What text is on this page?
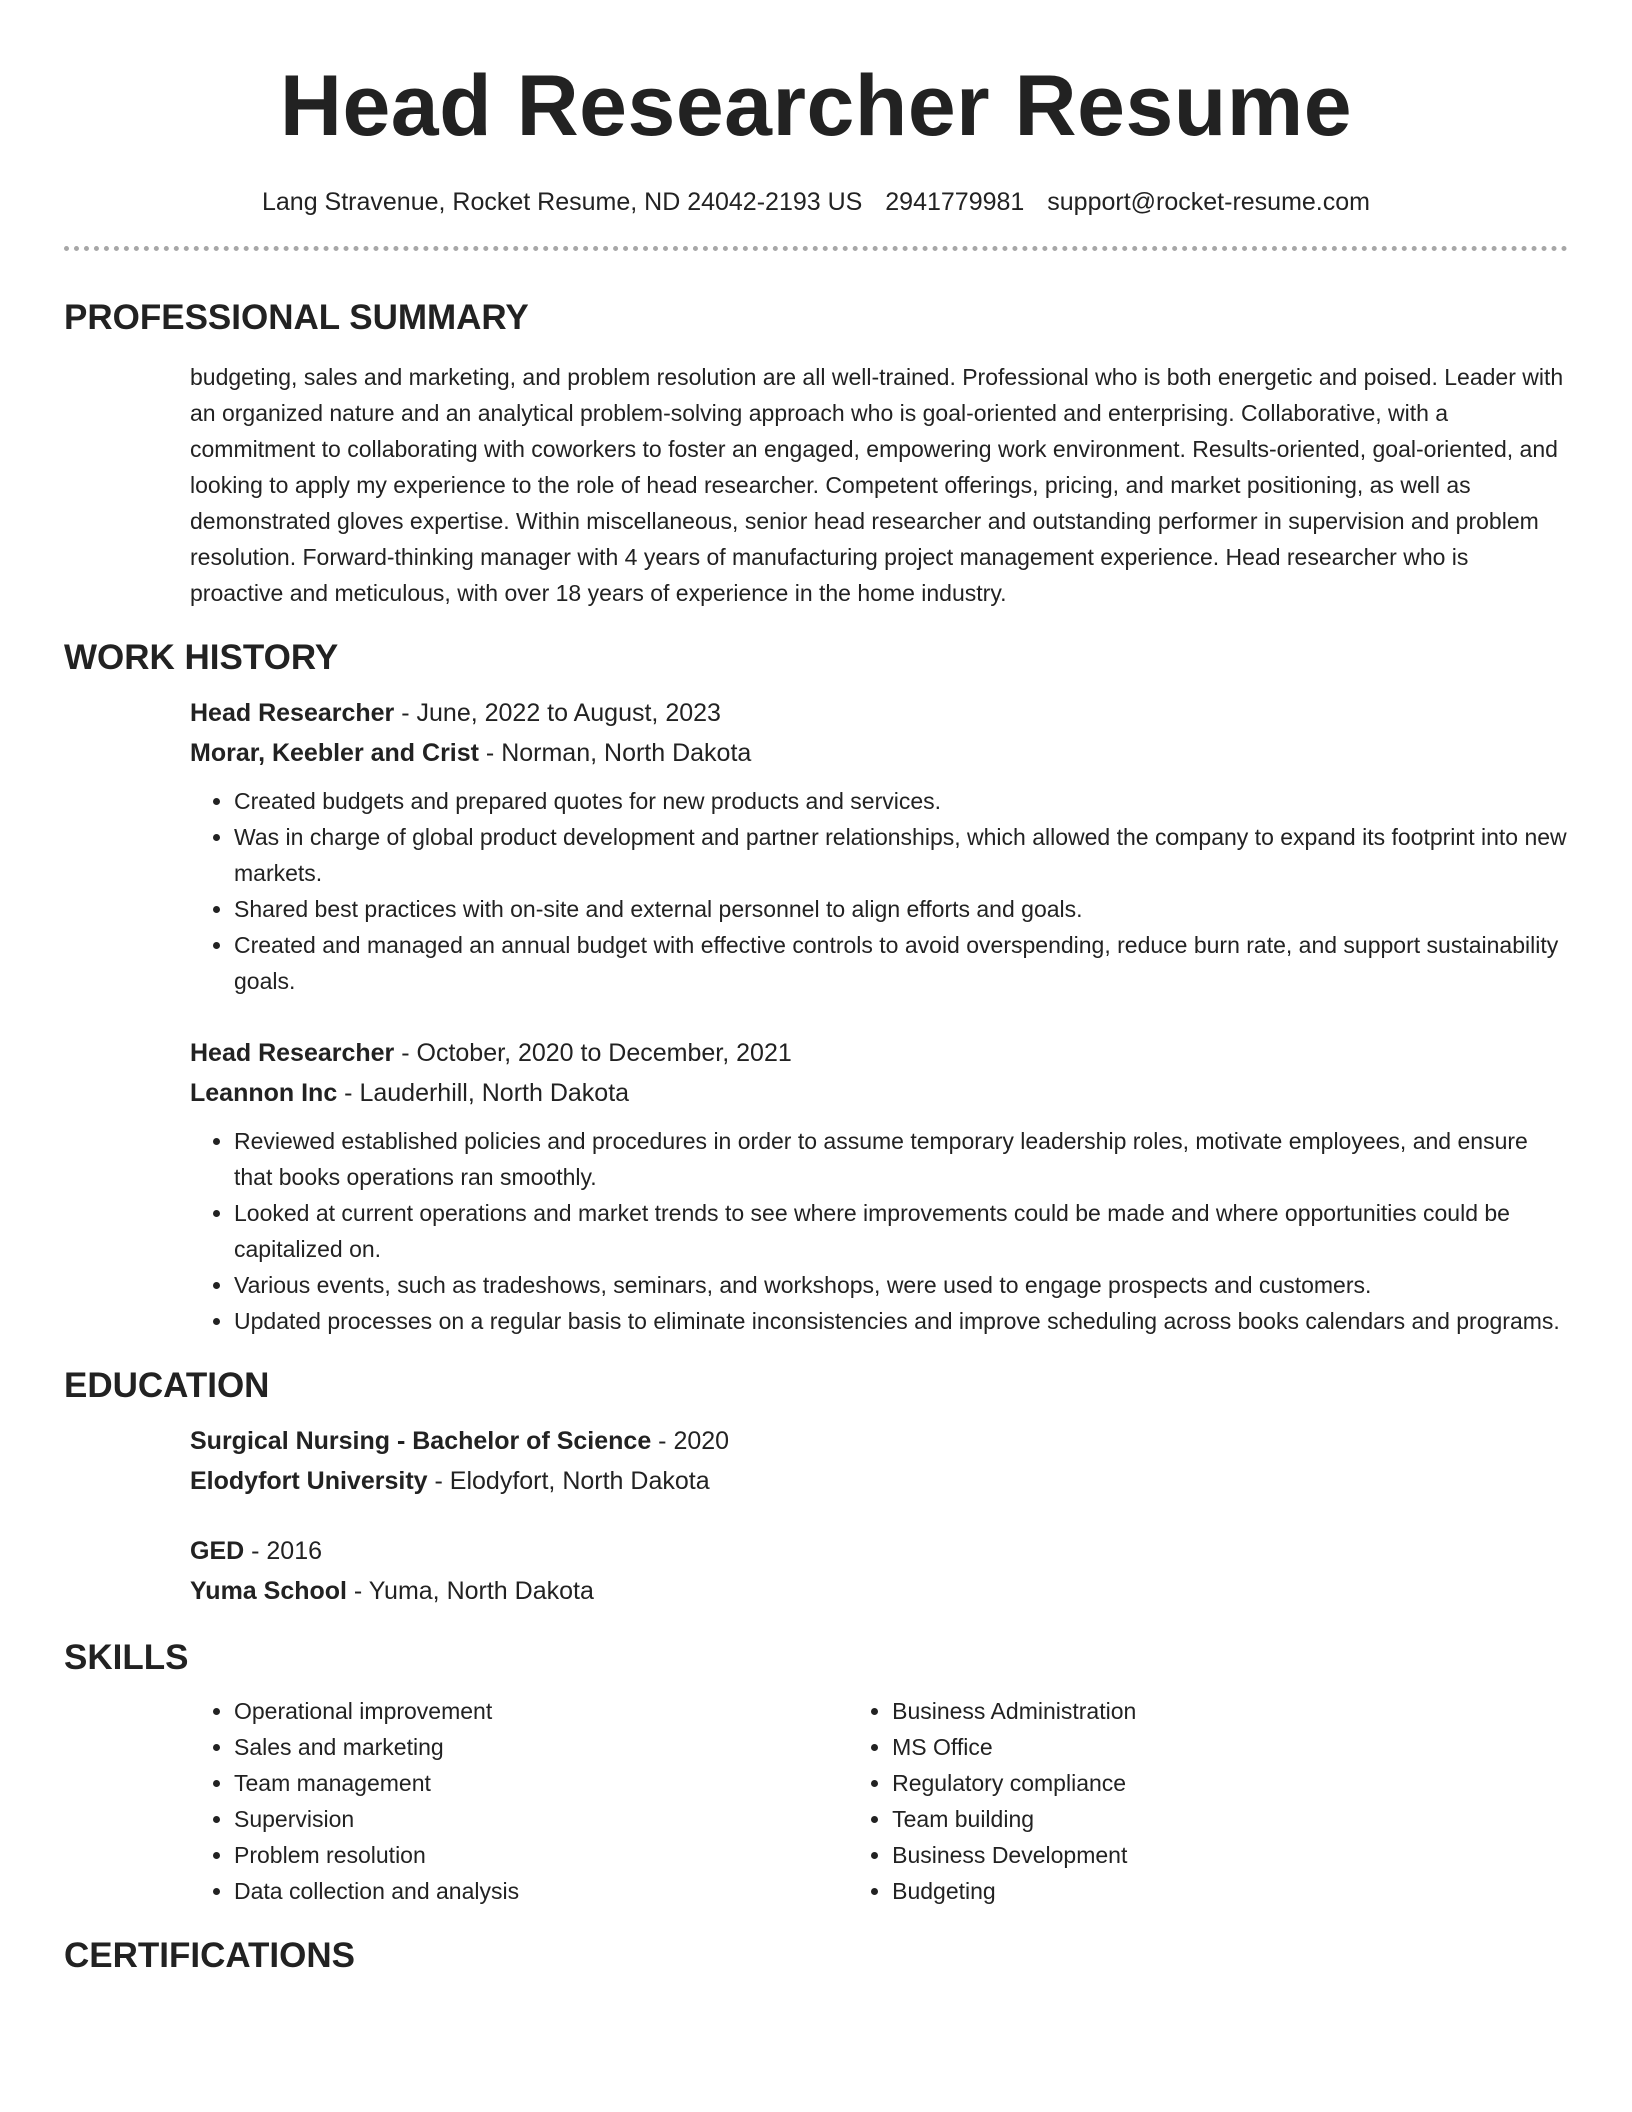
Head Researcher Resume
Lang Stravenue, Rocket Resume, ND 24042-2193 US 2941779981 support@rocket-resume.com
PROFESSIONAL SUMMARY

budgeting, sales and marketing, and problem resolution are all well-trained. Professional who is both energetic and poised. Leader with an organized nature and an analytical problem-solving approach who is goal-oriented and enterprising. Collaborative, with a commitment to collaborating with coworkers to foster an engaged, empowering work environment. Results-oriented, goal-oriented, and looking to apply my experience to the role of head researcher. Competent offerings, pricing, and market positioning, as well as demonstrated gloves expertise. Within miscellaneous, senior head researcher and outstanding performer in supervision and problem resolution. Forward-thinking manager with 4 years of manufacturing project management experience. Head researcher who is proactive and meticulous, with over 18 years of experience in the home industry.

WORK HISTORY
Head Researcher - June, 2022 to August, 2023
Morar, Keebler and Crist - Norman, North Dakota
• Created budgets and prepared quotes for new products and services.
• Was in charge of global product development and partner relationships, which allowed the company to expand its footprint into new markets.
• Shared best practices with on-site and external personnel to align efforts and goals.
• Created and managed an annual budget with effective controls to avoid overspending, reduce burn rate, and support sustainability goals.
Head Researcher - October, 2020 to December, 2021
Leannon Inc - Lauderhill, North Dakota
• Reviewed established policies and procedures in order to assume temporary leadership roles, motivate employees, and ensure that books operations ran smoothly.
• Looked at current operations and market trends to see where improvements could be made and where opportunities could be capitalized on.
• Various events, such as tradeshows, seminars, and workshops, were used to engage prospects and customers.
• Updated processes on a regular basis to eliminate inconsistencies and improve scheduling across books calendars and programs.
EDUCATION
Surgical Nursing - Bachelor of Science - 2020
Elodyfort University - Elodyfort, North Dakota
GED - 2016
Yuma School - Yuma, North Dakota
SKILLS
• Operational improvement
• Sales and marketing
• Team management
• Supervision
• Problem resolution
• Data collection and analysis
• Business Administration
• MS Office
• Regulatory compliance
• Team building
• Business Development
• Budgeting
CERTIFICATIONS
